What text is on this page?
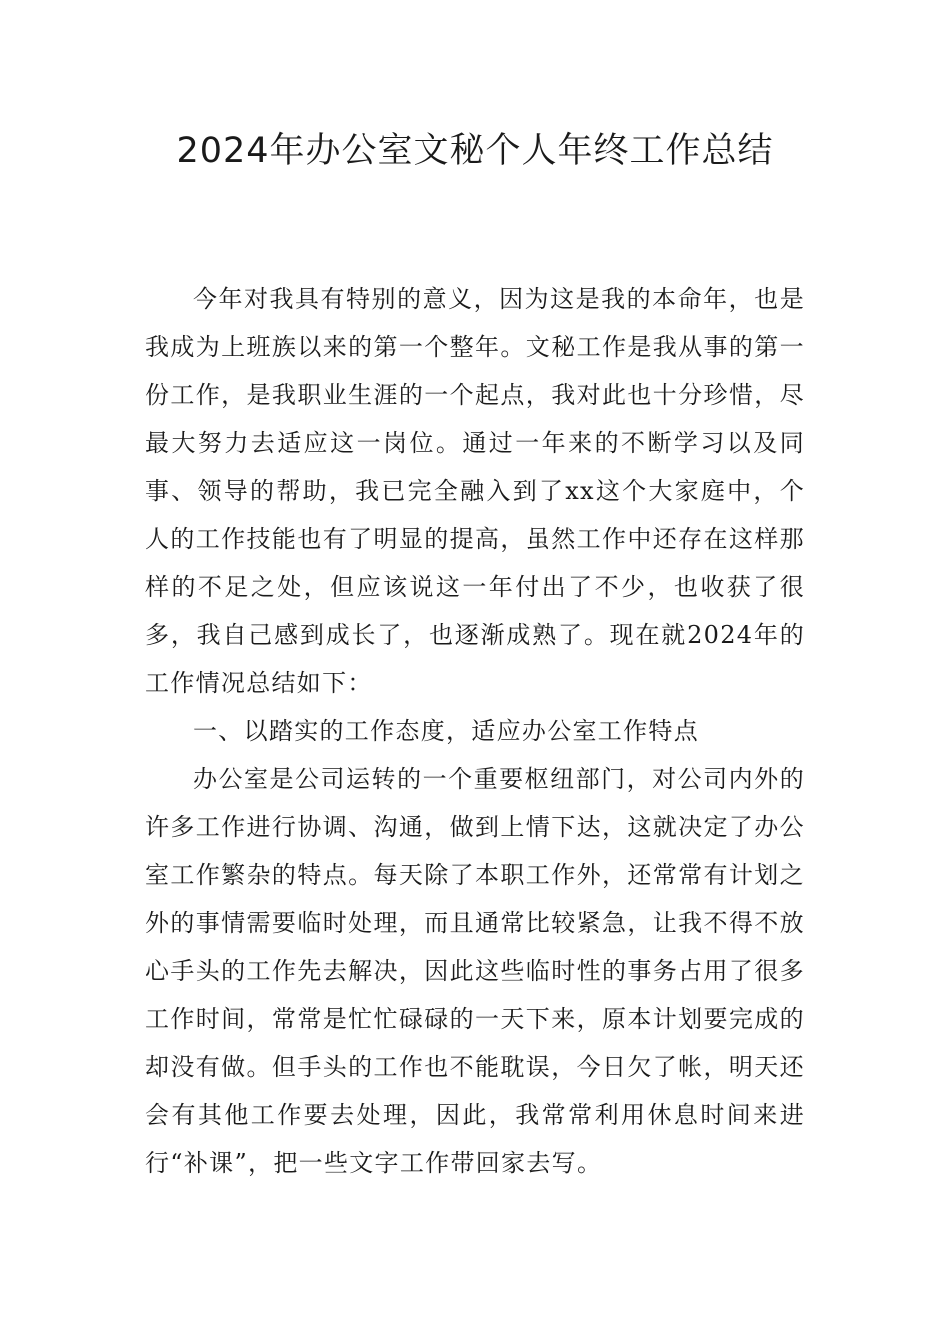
2024年办公室文秘个人年终工作总结

今年对我具有特别的意义，因为这是我的本命年，也是我成为上班族以来的第一个整年。文秘工作是我从事的第一份工作，是我职业生涯的一个起点，我对此也十分珍惜，尽最大努力去适应这一岗位。通过一年来的不断学习以及同事、领导的帮助，我已完全融入到了xx这个大家庭中，个人的工作技能也有了明显的提高，虽然工作中还存在这样那样的不足之处，但应该说这一年付出了不少，也收获了很多，我自己感到成长了，也逐渐成熟了。现在就2024年的工作情况总结如下：

一、以踏实的工作态度，适应办公室工作特点

办公室是公司运转的一个重要枢纽部门，对公司内外的许多工作进行协调、沟通，做到上情下达，这就决定了办公室工作繁杂的特点。每天除了本职工作外，还常常有计划之外的事情需要临时处理，而且通常比较紧急，让我不得不放心手头的工作先去解决，因此这些临时性的事务占用了很多工作时间，常常是忙忙碌碌的一天下来，原本计划要完成的却没有做。但手头的工作也不能耽误，今日欠了帐，明天还会有其他工作要去处理，因此，我常常利用休息时间来进行“补课”，把一些文字工作带回家去写。
